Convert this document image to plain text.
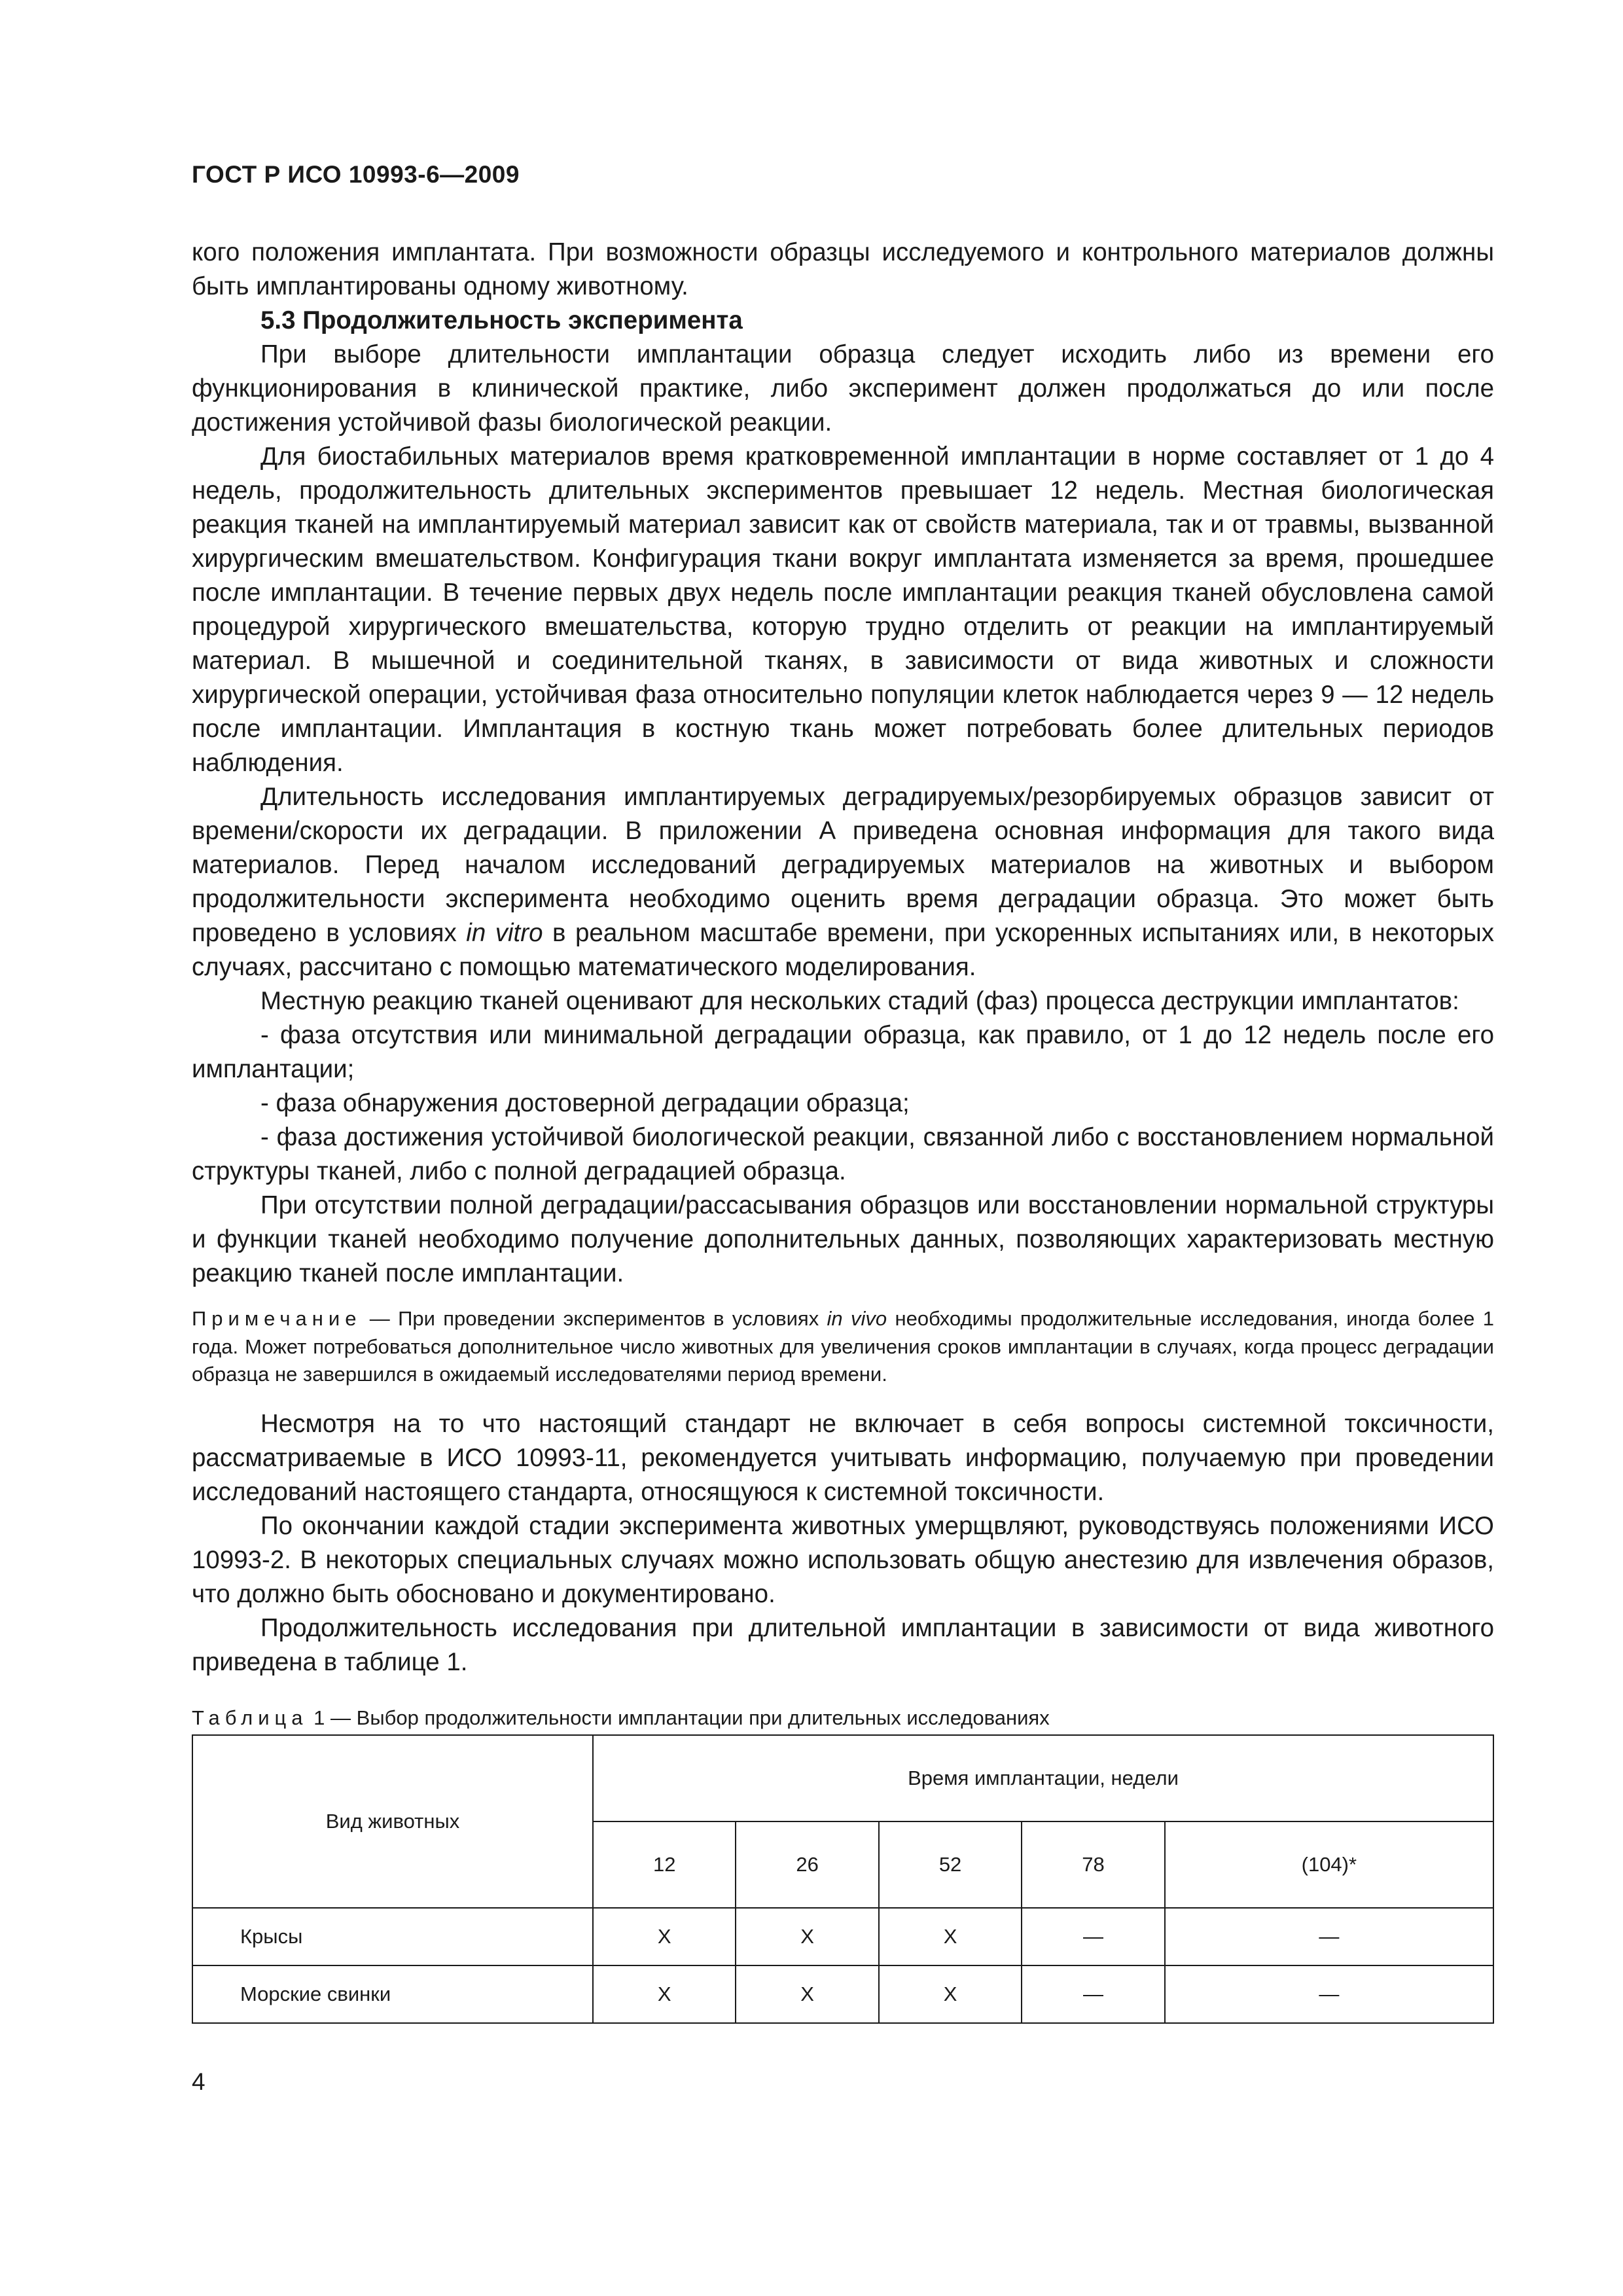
ГОСТ Р ИСО 10993-6—2009

кого положения имплантата. При возможности образцы исследуемого и контрольного материалов должны быть имплантированы одному животному.

5.3 Продолжительность эксперимента

При выборе длительности имплантации образца следует исходить либо из времени его функционирования в клинической практике, либо эксперимент должен продолжаться до или после достижения устойчивой фазы биологической реакции.

Для биостабильных материалов время кратковременной имплантации в норме составляет от 1 до 4 недель, продолжительность длительных экспериментов превышает 12 недель. Местная биологическая реакция тканей на имплантируемый материал зависит как от свойств материала, так и от травмы, вызванной хирургическим вмешательством. Конфигурация ткани вокруг имплантата изменяется за время, прошедшее после имплантации. В течение первых двух недель после имплантации реакция тканей обусловлена самой процедурой хирургического вмешательства, которую трудно отделить от реакции на имплантируемый материал. В мышечной и соединительной тканях, в зависимости от вида животных и сложности хирургической операции, устойчивая фаза относительно популяции клеток наблюдается через 9 — 12 недель после имплантации. Имплантация в костную ткань может потребовать более длительных периодов наблюдения.

Длительность исследования имплантируемых деградируемых/резорбируемых образцов зависит от времени/скорости их деградации. В приложении А приведена основная информация для такого вида материалов. Перед началом исследований деградируемых материалов на животных и выбором продолжительности эксперимента необходимо оценить время деградации образца. Это может быть проведено в условиях in vitro в реальном масштабе времени, при ускоренных испытаниях или, в некоторых случаях, рассчитано с помощью математического моделирования.

Местную реакцию тканей оценивают для нескольких стадий (фаз) процесса деструкции имплантатов:

- фаза отсутствия или минимальной деградации образца, как правило, от 1 до 12 недель после его имплантации;

- фаза обнаружения достоверной деградации образца;

- фаза достижения устойчивой биологической реакции, связанной либо с восстановлением нормальной структуры тканей, либо с полной деградацией образца.

При отсутствии полной деградации/рассасывания образцов или восстановлении нормальной структуры и функции тканей необходимо получение дополнительных данных, позволяющих характеризовать местную реакцию тканей после имплантации.

Примечание — При проведении экспериментов в условиях in vivo необходимы продолжительные исследования, иногда более 1 года. Может потребоваться дополнительное число животных для увеличения сроков имплантации в случаях, когда процесс деградации образца не завершился в ожидаемый исследователями период времени.

Несмотря на то что настоящий стандарт не включает в себя вопросы системной токсичности, рассматриваемые в ИСО 10993-11, рекомендуется учитывать информацию, получаемую при проведении исследований настоящего стандарта, относящуюся к системной токсичности.

По окончании каждой стадии эксперимента животных умерщвляют, руководствуясь положениями ИСО 10993-2. В некоторых специальных случаях можно использовать общую анестезию для извлечения образов, что должно быть обосновано и документировано.

Продолжительность исследования при длительной имплантации в зависимости от вида животного приведена в таблице 1.

Таблица 1 — Выбор продолжительности имплантации при длительных исследованиях
Вид животных	Время имплантации, недели				
	12	26	52	78	(104)*
Крысы	X	X	X	—	—
Морские свинки	X	X	X	—	—
4
